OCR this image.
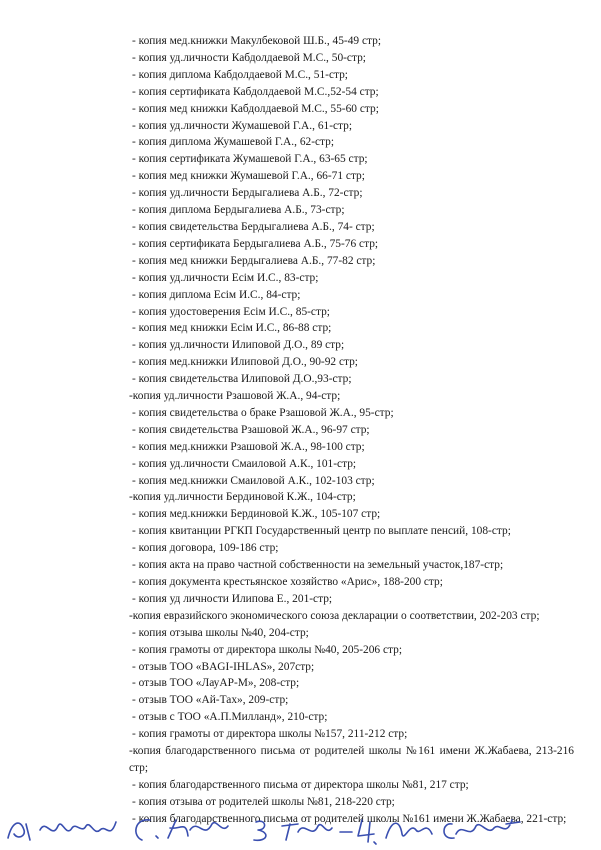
- копия мед.книжки Макулбековой Ш.Б., 45-49 стр;
- копия уд.личности Кабдолдаевой М.С., 50-стр;
- копия диплома Кабдолдаевой М.С., 51-стр;
- копия сертификата Кабдолдаевой М.С.,52-54 стр;
- копия мед книжки Кабдолдаевой М.С., 55-60 стр;
- копия уд.личности Жумашевой Г.А., 61-стр;
- копия диплома Жумашевой Г.А., 62-стр;
- копия сертификата Жумашевой Г.А., 63-65 стр;
- копия мед книжки Жумашевой Г.А., 66-71 стр;
- копия уд.личности Бердыгалиева А.Б., 72-стр;
- копия диплома Бердыгалиева А.Б., 73-стр;
- копия свидетельства Бердыгалиева А.Б., 74- стр;
- копия сертификата Бердыгалиева А.Б., 75-76 стр;
- копия мед книжки Бердыгалиева А.Б., 77-82 стр;
- копия уд.личности Есім И.С., 83-стр;
- копия диплома Есім И.С., 84-стр;
- копия удостоверения Есім И.С., 85-стр;
- копия мед книжки Есім И.С., 86-88 стр;
- копия уд.личности Илиповой Д.О., 89 стр;
- копия мед.книжки Илиповой Д.О., 90-92 стр;
- копия свидетельства Илиповой Д.О.,93-стр;
-копия уд.личности Рзашовой Ж.А., 94-стр;
- копия свидетельства о браке Рзашовой Ж.А., 95-стр;
- копия свидетельства Рзашовой Ж.А., 96-97 стр;
- копия мед.книжки Рзашовой Ж.А., 98-100 стр;
- копия уд.личности Смаиловой А.К., 101-стр;
- копия мед.книжки Смаиловой А.К., 102-103 стр;
-копия уд.личности Бердиновой К.Ж., 104-стр;
- копия мед.книжки Бердиновой К.Ж., 105-107 стр;
- копия квитанции РГКП Государственный центр по выплате пенсий, 108-стр;
- копия договора, 109-186 стр;
- копия акта на право частной собственности на земельный участок,187-стр;
- копия документа крестьянское хозяйство «Арис», 188-200 стр;
- копия уд личности Илипова Е., 201-стр;
-копия евразийского экономического союза декларации о соответствии, 202-203 стр;
- копия отзыва школы №40, 204-стр;
- копия грамоты от директора школы №40, 205-206 стр;
- отзыв ТОО «BAGI-IHLAS», 207стр;
- отзыв ТОО «ЛауАР-М», 208-стр;
- отзыв ТОО «Ай-Тах», 209-стр;
- отзыв с ТОО «А.П.Милланд», 210-стр;
- копия грамоты от директора школы №157, 211-212 стр;
-копия благодарственного письма от родителей школы №161 имени Ж.Жабаева, 213-216 стр;
- копия благодарственного письма от директора школы №81, 217 стр;
- копия отзыва от родителей школы №81, 218-220 стр;
- копия благодарственного письма от родителей школы №161 имени Ж.Жабаева, 221-стр;
